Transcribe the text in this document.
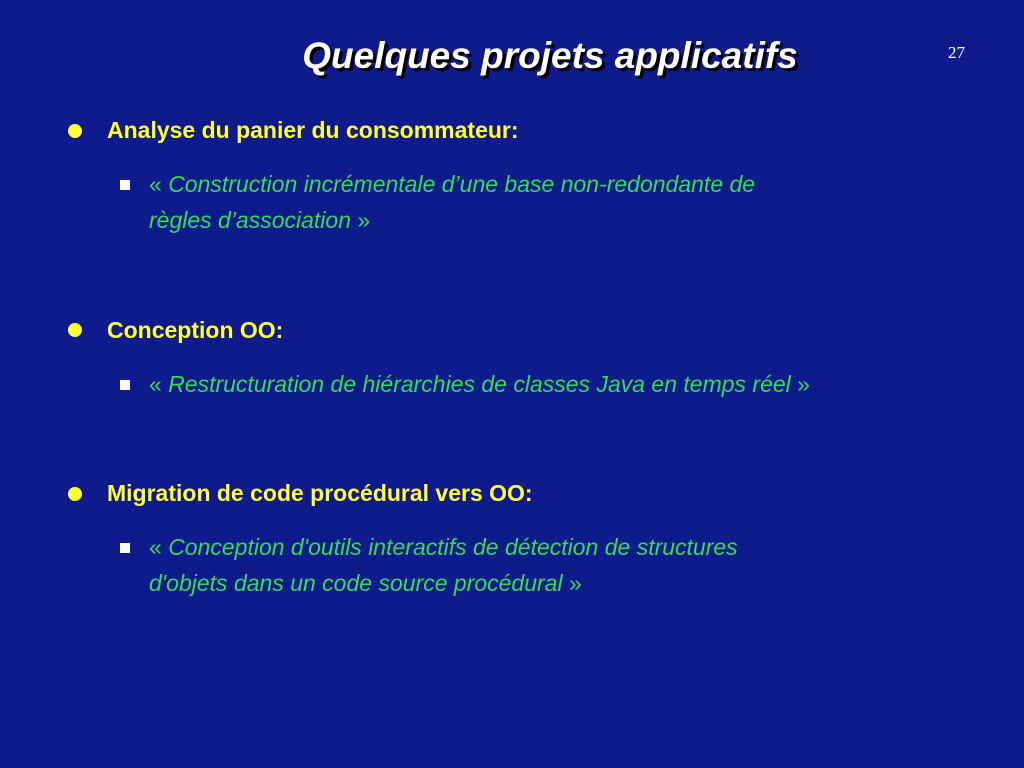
Quelques projets applicatifs	27
Analyse du panier du consommateur:
« Construction incrémentale d’une base non-redondante de
règles d’association »
Conception OO:
« Restructuration de hiérarchies de classes Java en temps réel »
Migration de code procédural vers OO:
« Conception d'outils interactifs de détection de structures
d'objets dans un code source procédural »
